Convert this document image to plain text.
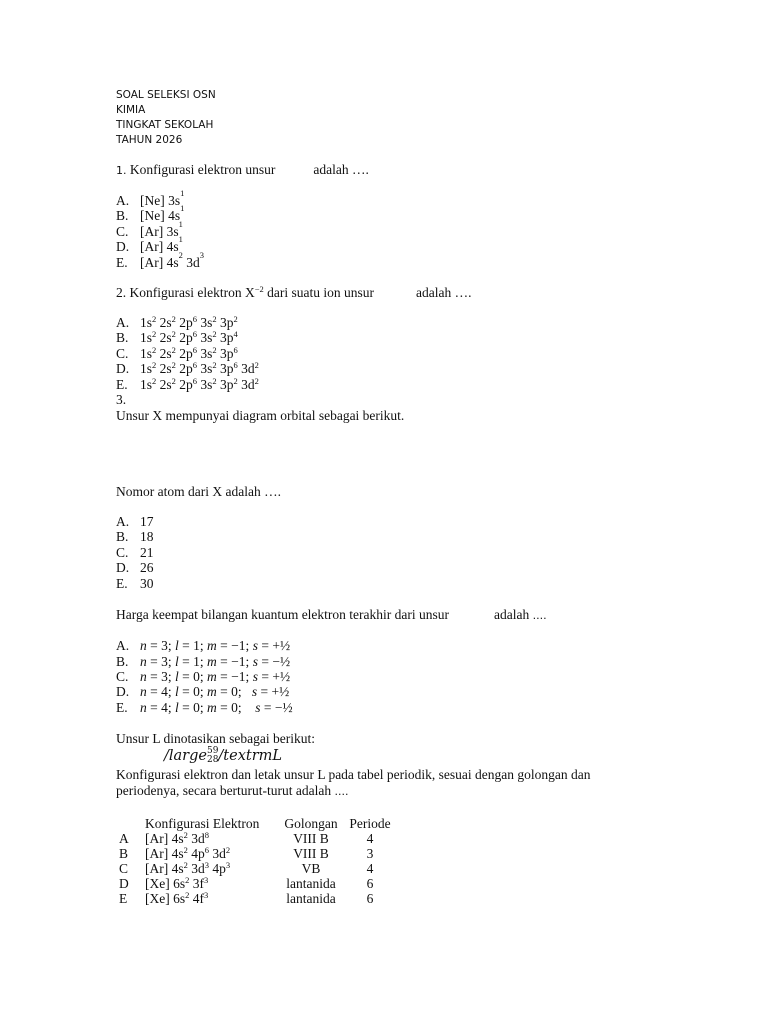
SOAL SELEKSI OSN
KIMIA
TINGKAT SEKOLAH
TAHUN 2026
1. Konfigurasi elektron unsur	adalah ….
A. [Ne] 3s 1
B. [Ne] 4s 1
C. [Ar] 3s 1
D. [Ar] 4s 1
E. [Ar] 4s 2 3d 3
2. Konfigurasi elektron $X^{-2}$ dari suatu ion unsur	adalah ….
A. $1s^2$ $2s^2$ $2p^6$ $3s^2$ $3p^2$
B. $1s^2$ $2s^2$ $2p^6$ $3s^2$ $3p^4$
C. $1s^2$ $2s^2$ $2p^6$ $3s^2$ $3p^6$
D. $1s^2$ $2s^2$ $2p^6$ $3s^2$ $3p^6$ $3d^2$
E. $1s^2$ $2s^2$ $2p^6$ $3s^2$ $3p^2$ $3d^2$
3.
Unsur X mempunyai diagram orbital sebagai berikut.
Nomor atom dari X adalah ….
A. 17
B. 18
C. 21
D. 26
E. 30
Harga keempat bilangan kuantum elektron terakhir dari unsur	adalah ....
A. n = 3; l = 1; m = −1; s = +½
B. n = 3; l = 1; m = −1; s = −½
C. n = 3; l = 0; m = −1; s = +½
D. n = 4; l = 0; m = 0;   s = +½
E. n = 4; l = 0; m = 0;    s = −½
Unsur L dinotasikan sebagai berikut:
/large59
28/textrmL
Konfigurasi elektron dan letak unsur L pada tabel periodik, sesuai dengan golongan dan periodenya, secara berturut-turut adalah ....
	Konfigurasi Elektron	Golongan	Periode
A	[Ar] $4s^2$ $3d^8$	VIII B	4
B	[Ar] $4s^2$ $4p^6$ $3d^2$	VIII B	3
C	[Ar] $4s^2$ $3d^3$ $4p^3$	VB	4
D	[Xe] $6s^2$ $3f^3$	lantanida	6
E	[Xe] $6s^2$ $4f^3$	lantanida	6
